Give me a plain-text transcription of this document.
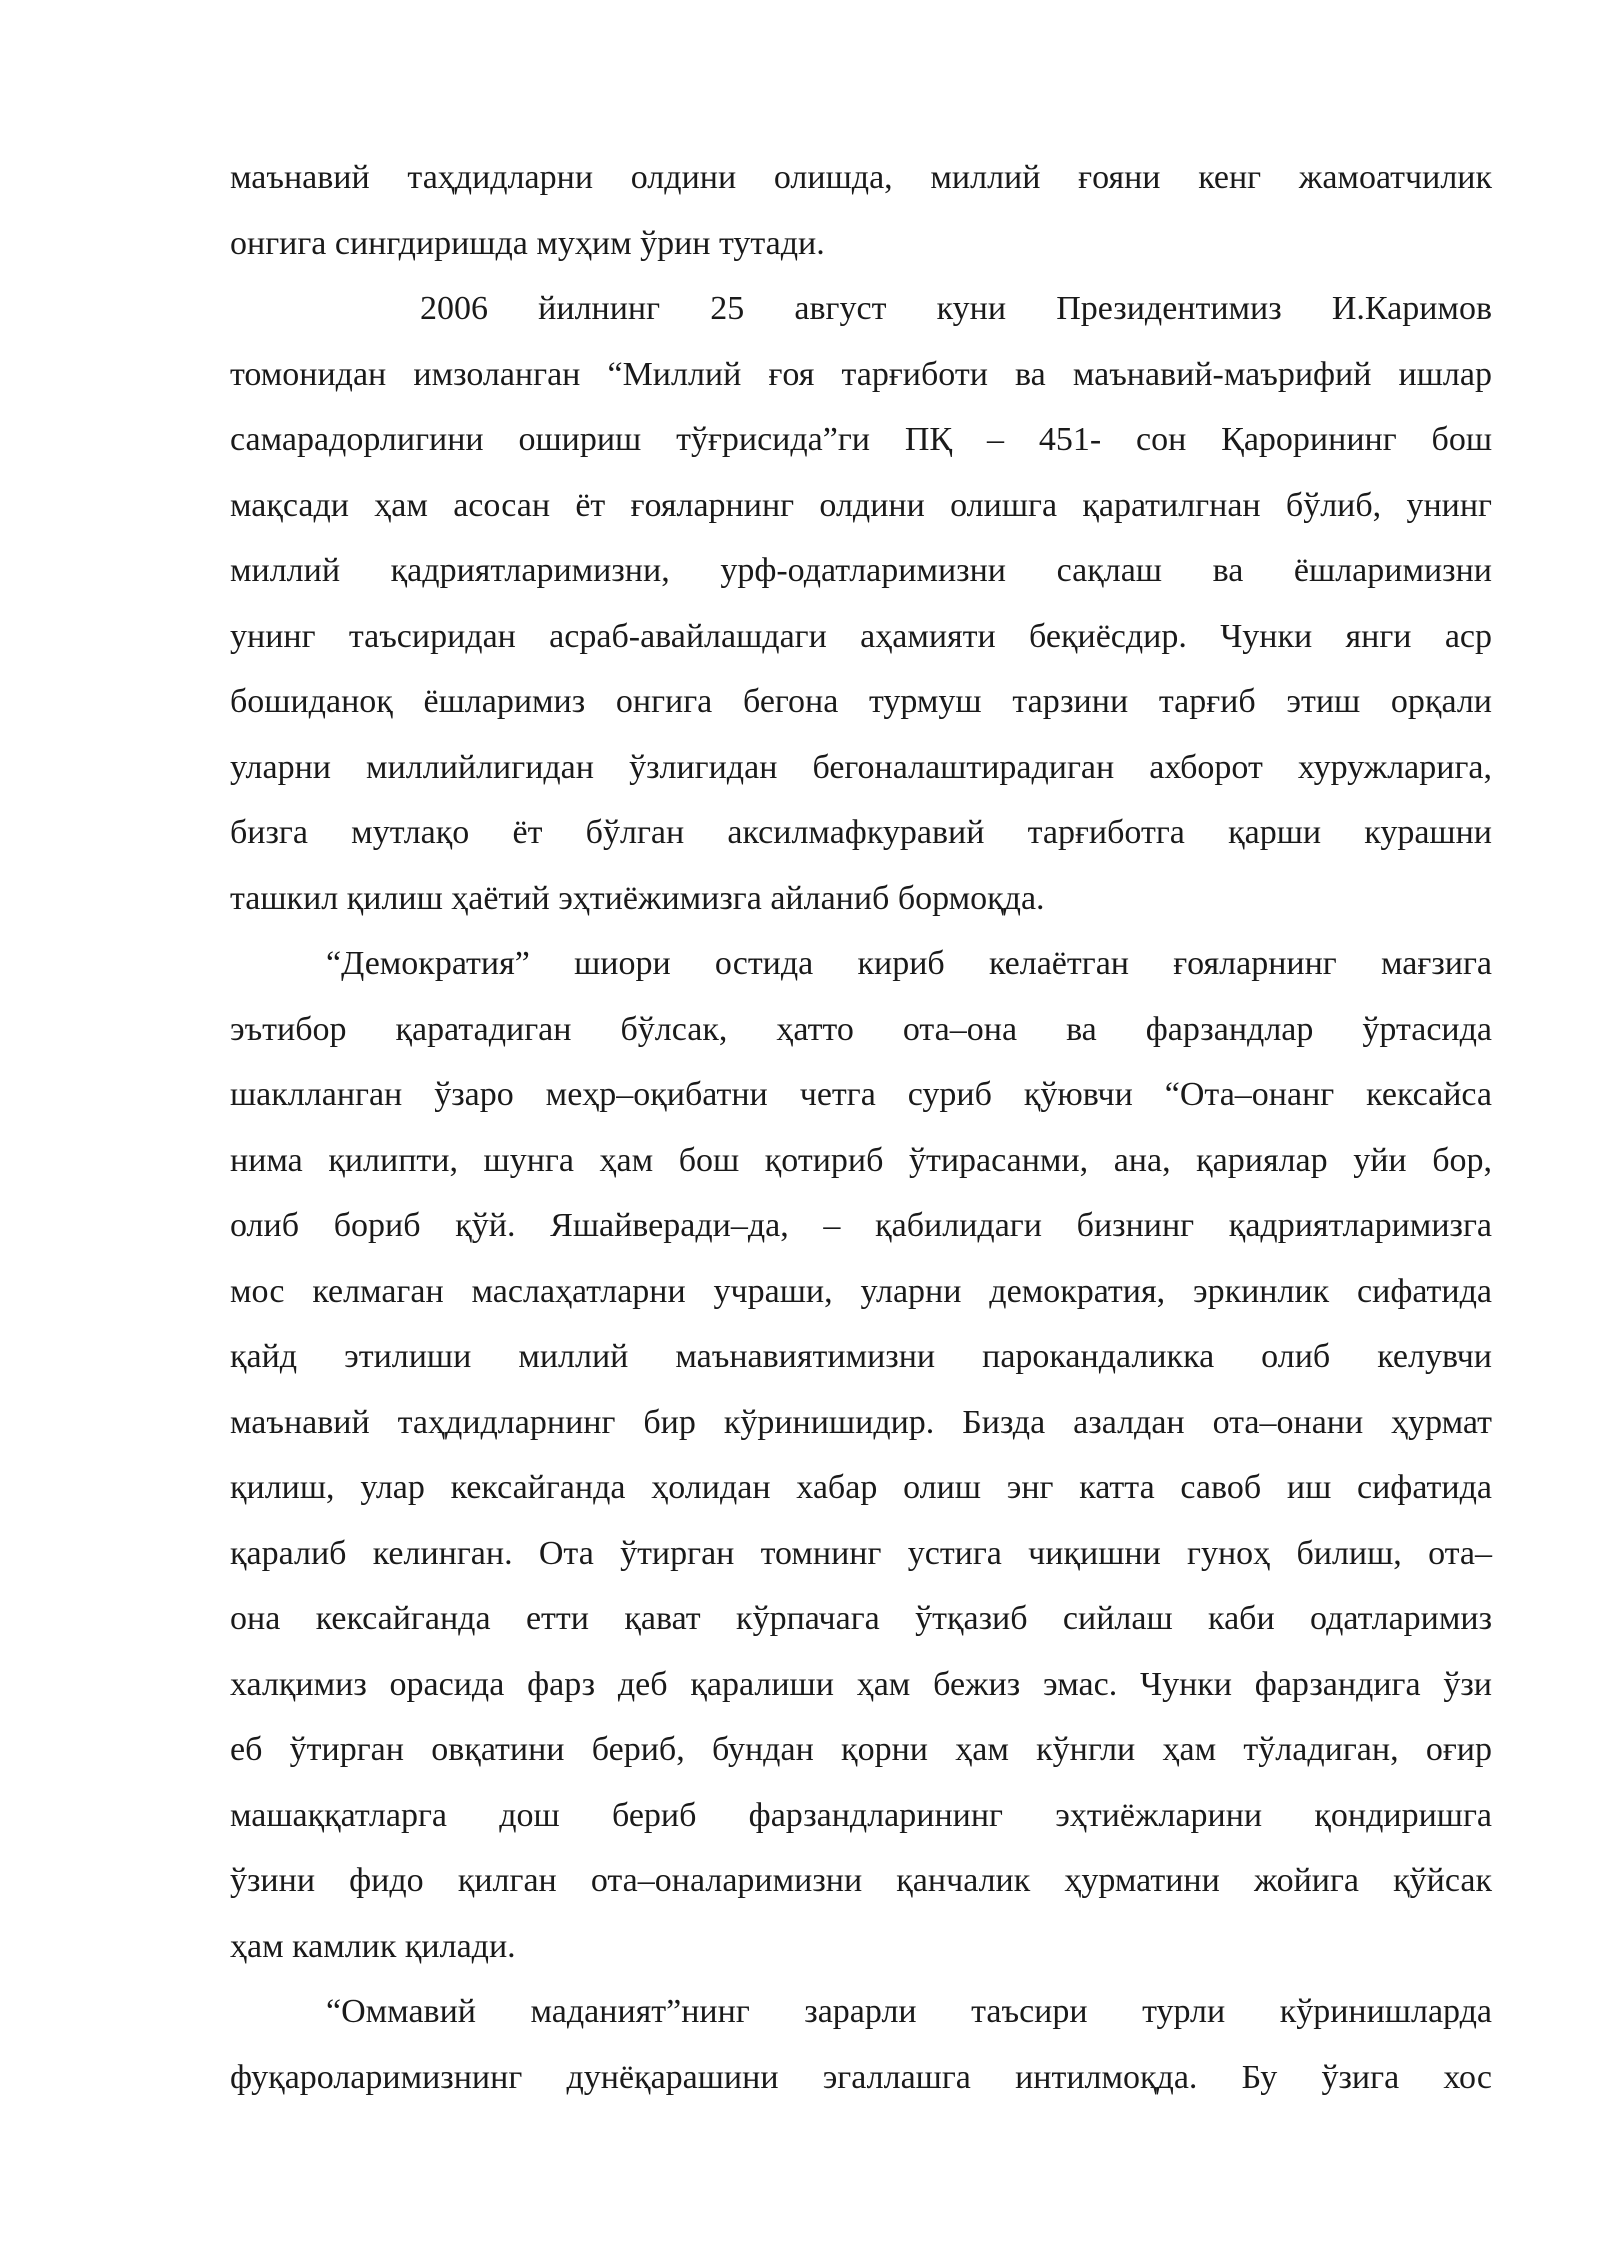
маънавий таҳдидларни олдини олишда, миллий ғояни кенг жамоатчилик
онгига сингдиришда муҳим ўрин тутади.
2006 йилнинг 25 август куни Президентимиз И.Каримов
томонидан имзоланган “Миллий ғоя тарғиботи ва маънавий-маърифий ишлар
самарадорлигини ошириш тўғрисида”ги ПҚ – 451- сон Қарорининг бош
мақсади ҳам асосан ёт ғояларнинг олдини олишга қаратилгнан бўлиб, унинг
миллий қадриятларимизни, урф-одатларимизни сақлаш ва ёшларимизни
унинг таъсиридан асраб-авайлашдаги аҳамияти беқиёсдир. Чунки янги аср
бошиданоқ ёшларимиз онгига бегона турмуш тарзини тарғиб этиш орқали
уларни миллийлигидан ўзлигидан бегоналаштирадиган ахборот хуружларига,
бизга мутлақо ёт бўлган аксилмафкуравий тарғиботга қарши курашни
ташкил қилиш ҳаётий эҳтиёжимизга айланиб бормоқда.
“Демократия” шиори остида кириб келаётган ғояларнинг мағзига
эътибор қаратадиган бўлсак, ҳатто ота–она ва фарзандлар ўртасида
шаклланган ўзаро меҳр–оқибатни четга суриб қўювчи “Ота–онанг кексайса
нима қилипти, шунга ҳам бош қотириб ўтирасанми, ана, қариялар уйи бор,
олиб бориб қўй. Яшайверади–да, – қабилидаги бизнинг қадриятларимизга
мос келмаган маслаҳатларни учраши, уларни демократия, эркинлик сифатида
қайд этилиши миллий маънавиятимизни парокандаликка олиб келувчи
маънавий таҳдидларнинг бир кўринишидир. Бизда азалдан ота–онани ҳурмат
қилиш, улар кексайганда ҳолидан хабар олиш энг катта савоб иш сифатида
қаралиб келинган. Ота ўтирган томнинг устига чиқишни гуноҳ билиш, ота–
она кексайганда етти қават кўрпачага ўтқазиб сийлаш каби одатларимиз
халқимиз орасида фарз деб қаралиши ҳам бежиз эмас. Чунки фарзандига ўзи
еб ўтирган овқатини бериб, бундан қорни ҳам кўнгли ҳам тўладиган, оғир
машаққатларга дош бериб фарзандларининг эҳтиёжларини қондиришга
ўзини фидо қилган ота–оналаримизни қанчалик ҳурматини жойига қўйсак
ҳам камлик қилади.
“Оммавий маданият”нинг зарарли таъсири турли кўринишларда
фуқароларимизнинг дунёқарашини эгаллашга интилмоқда. Бу ўзига хос
